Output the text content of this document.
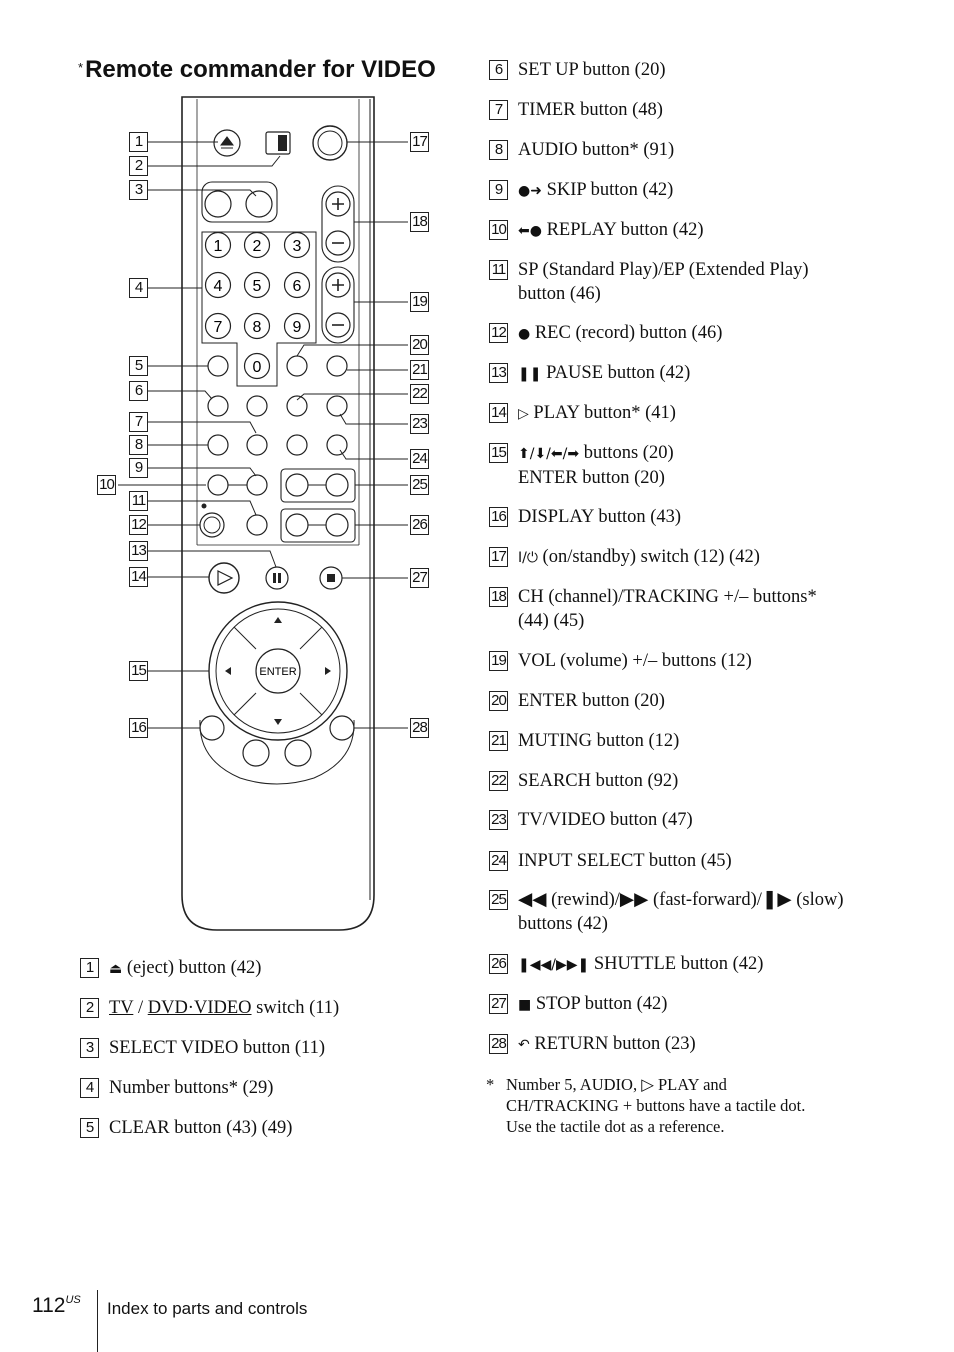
*Remote commander for VIDEO
1 2 3
4 5 6
7 8 9
0
ENTER
1
2
3
4
5
6
7
8
9
10
11
12
13
14
15
16
17
18
19
20
21
22
23
24
25
26
27
28
1	⏏ (eject) button (42)
2 TV / DVD·VIDEO switch (11)
3 SELECT VIDEO button (11)
4 Number buttons* (29)
5 CLEAR button (43) (49)
6 SET UP button (20)
7 TIMER button (48)
8 AUDIO button* (91)
9	●➜ SKIP button (42)
10 ⬅● REPLAY button (42)
11 SP (Standard Play)/EP (Extended Play)
button (46)
12 ● REC (record) button (46)
13 ❚❚ PAUSE button (42)
14 ▷ PLAY button* (41)
15 ⬆/⬇/⬅/➡ buttons (20)
ENTER button (20)
16 DISPLAY button (43)
17 I/⏻ (on/standby) switch (12) (42)
18 CH (channel)/TRACKING +/– buttons*
(44) (45)
19 VOL (volume) +/– buttons (12)
20 ENTER button (20)
21 MUTING button (12)
22 SEARCH button (92)
23 TV/VIDEO button (47)
24 INPUT SELECT button (45)
25 ◀◀ (rewind)/▶▶ (fast-forward)/❚▶ (slow)
buttons (42)
26 ❚◀◀/▶▶❚ SHUTTLE button (42)
27 ■ STOP button (42)
28 ↶ RETURN button (23)
* Number 5, AUDIO, ▷ PLAY and
CH/TRACKING + buttons have a tactile dot.
Use the tactile dot as a reference.
$112^{US}$ Index to parts and controls
